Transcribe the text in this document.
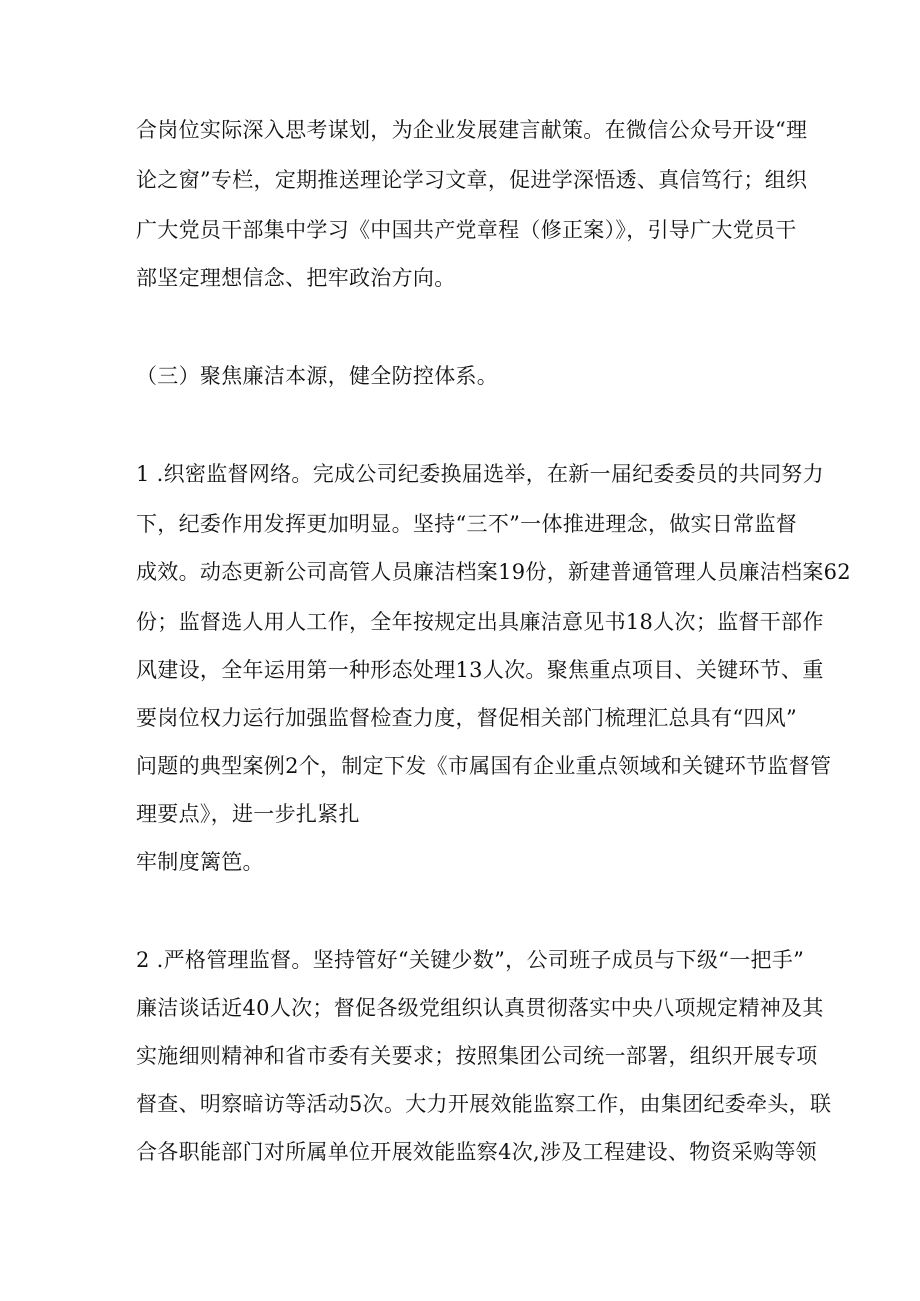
合岗位实际深入思考谋划，为企业发展建言献策。在微信公众号开设“理
论之窗”专栏，定期推送理论学习文章，促进学深悟透、真信笃行；组织
广大党员干部集中学习《中国共产党章程（修正案）》，引导广大党员干
部坚定理想信念、把牢政治方向。
（三）聚焦廉洁本源，健全防控体系。
1 .织密监督网络。完成公司纪委换届选举，在新一届纪委委员的共同努力
下，纪委作用发挥更加明显。坚持“三不”一体推进理念，做实日常监督
成效。动态更新公司高管人员廉洁档案19份，新建普通管理人员廉洁档案62
份；监督选人用人工作，全年按规定出具廉洁意见书18人次；监督干部作
风建设，全年运用第一种形态处理13人次。聚焦重点项目、关键环节、重
要岗位权力运行加强监督检查力度，督促相关部门梳理汇总具有“四风”
问题的典型案例2个，制定下发《市属国有企业重点领域和关键环节监督管
理要点》，进一步扎紧扎
牢制度篱笆。
2 .严格管理监督。坚持管好“关键少数”，公司班子成员与下级“一把手”
廉洁谈话近40人次；督促各级党组织认真贯彻落实中央八项规定精神及其
实施细则精神和省市委有关要求；按照集团公司统一部署，组织开展专项
督查、明察暗访等活动5次。大力开展效能监察工作，由集团纪委牵头，联
合各职能部门对所属单位开展效能监察4次,涉及工程建设、物资采购等领
